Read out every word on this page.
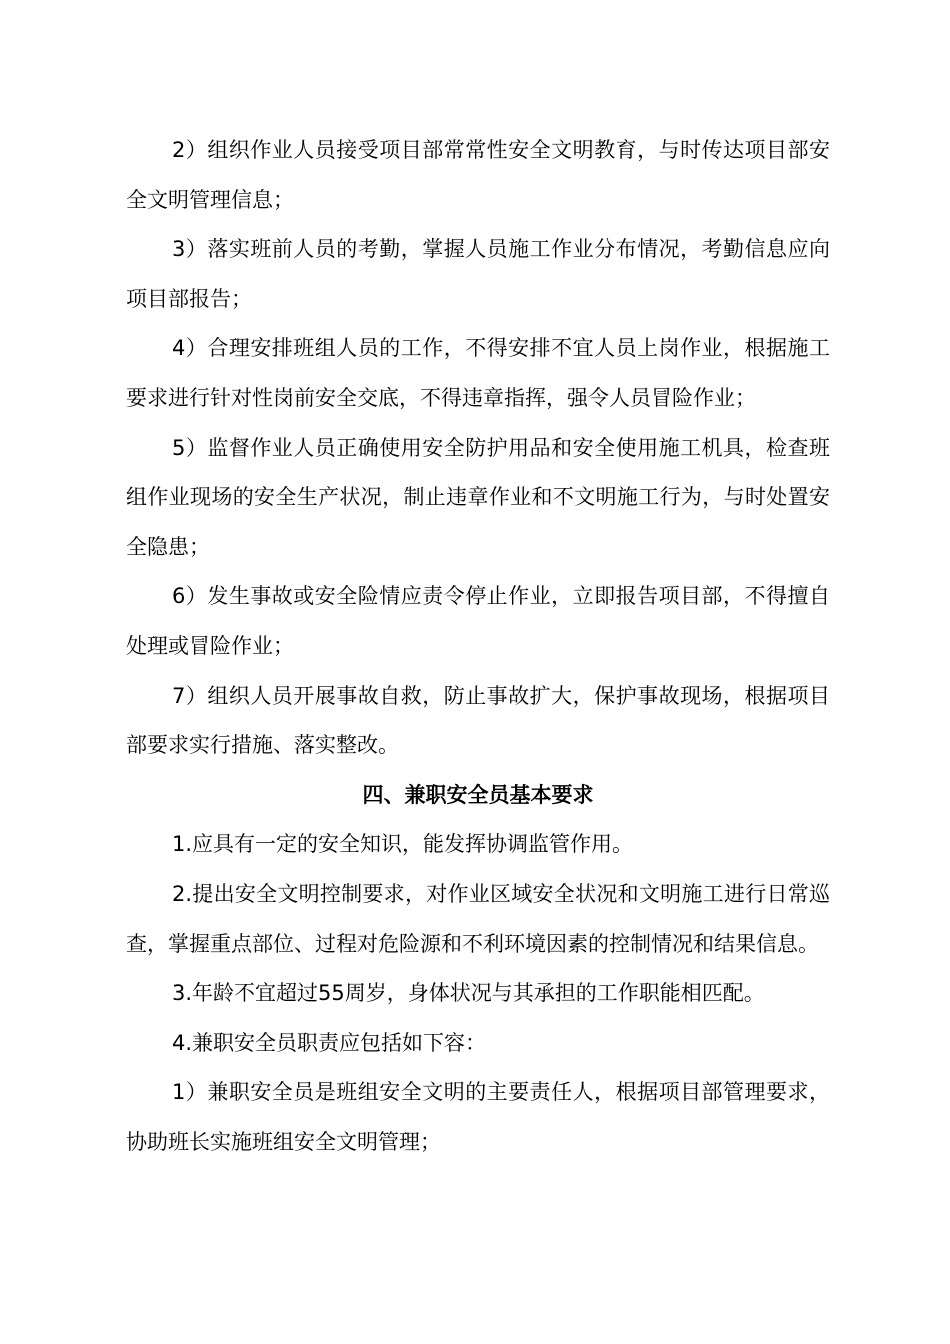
2）组织作业人员接受项目部常常性安全文明教育，与时传达项目部安全文明管理信息；

3）落实班前人员的考勤，掌握人员施工作业分布情况，考勤信息应向项目部报告；

4）合理安排班组人员的工作，不得安排不宜人员上岗作业，根据施工要求进行针对性岗前安全交底，不得违章指挥，强令人员冒险作业；

5）监督作业人员正确使用安全防护用品和安全使用施工机具，检查班组作业现场的安全生产状况，制止违章作业和不文明施工行为，与时处置安全隐患；

6）发生事故或安全险情应责令停止作业，立即报告项目部，不得擅自处理或冒险作业；

7）组织人员开展事故自救，防止事故扩大，保护事故现场，根据项目部要求实行措施、落实整改。

四、兼职安全员基本要求

1.应具有一定的安全知识，能发挥协调监管作用。

2.提出安全文明控制要求，对作业区域安全状况和文明施工进行日常巡查，掌握重点部位、过程对危险源和不利环境因素的控制情况和结果信息。

3.年龄不宜超过55周岁，身体状况与其承担的工作职能相匹配。

4.兼职安全员职责应包括如下容：

1）兼职安全员是班组安全文明的主要责任人，根据项目部管理要求，协助班长实施班组安全文明管理；
